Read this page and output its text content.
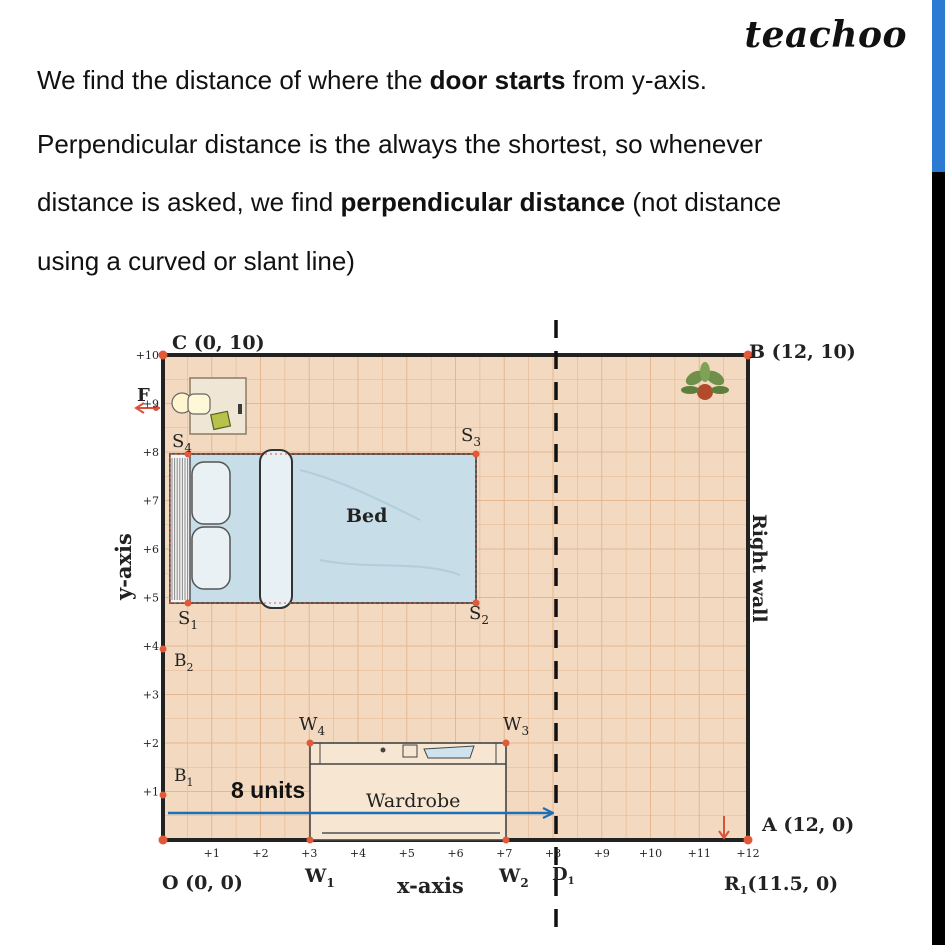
teachoo
We find the distance of where the door starts from y-axis.
Perpendicular distance is the always the shortest, so whenever
distance is asked, we find perpendicular distance (not distance
using a curved or slant line)
+1	+2	+3	+4	+5	+6	+7	+8	+9	+10 +11 +12
+1
+2
+3
+4
+5
+6
+7
+8
+9
+10
C (0, 10)	B (12, 10)
A (12, 0)
O (0, 0)
F
$R_1(11.5$, 0)
$D_1$
$S_4$
$S_3$
$S_1$
$S_2$
$W_4$	$W_3$
$W_1$	$W_2$
$B_2$
$B_1$
Bed
Wardrobe
8 units
x-axis
y-axis	Right wall
